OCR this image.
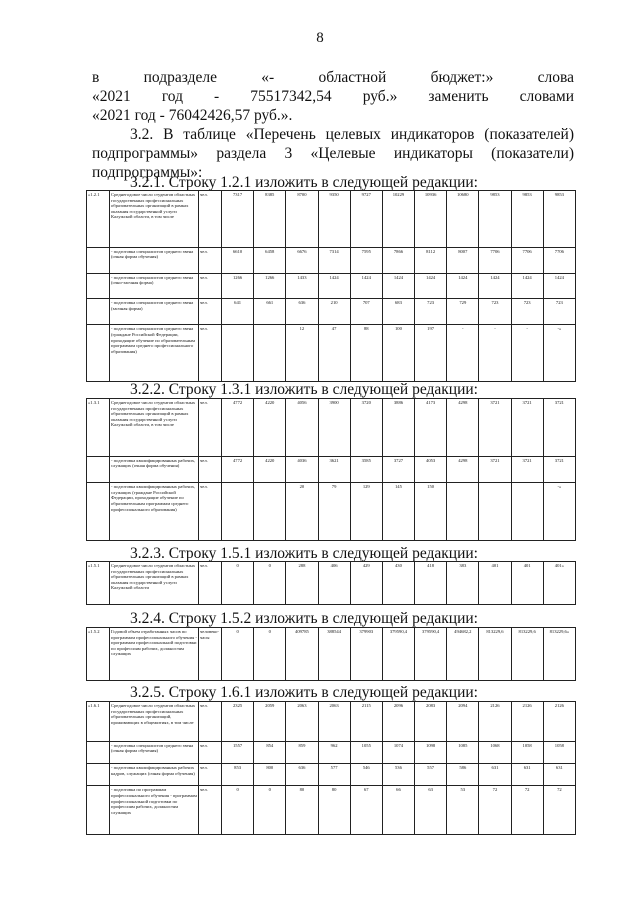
8
в	подразделе	«-	областной	бюджет:»	слова
«2021 год - 75517342,54 руб.» заменить словами
«2021 год - 76042426,57 руб.».
3.2. В таблице «Перечень целевых индикаторов (показателей)
подпрограммы» раздела 3 «Целевые индикаторы (показатели)
подпрограммы»:
3.2.1. Строку 1.2.1 изложить в следующей редакции:
«1.2.1	Среднегодовое число студентов областных государственных профессиональных образовательных организаций в рамках оказания государственной услуги Калужской области, в том числе	чел.	7317	8385	8700	9350	9727	10229	10936	10680	9853	9853	9853
	- подготовка специалистов среднего звена (очная форма обучения)	чел.	6610	6458	6676	7314	7595	7866	8112	8007	7706	7706	7706
	- подготовка специалистов среднего звена (очно-заочная форма)	чел.	1266	1266	1433	1424	1424	1424	1424	1424	1424	1424	1424
	- подготовка специалистов среднего звена (заочная форма)	чел.	641	661	636	210	707	683	723	729	723	723	723
	- подготовка специалистов среднего звена (граждане Российской Федерации, проходящие обучение по образовательным программам среднего профессионального образования)	чел.			12	47	88	100	197	-	-	-	-»
3.2.2. Строку 1.3.1 изложить в следующей редакции:
«1.3.1	Среднегодовое число студентов областных государственных профессиональных образовательных организаций в рамках оказания государственной услуги Калужской области, в том числе	чел.	4772	4220	4056	3900	3720	3886	4173	4298	3721	3721	3721
	- подготовка квалифицированных рабочих, служащих (очная форма обучения)	чел.	4772	4220	4036	3621	3585	3727	4053	4298	3721	3721	3721
	- подготовка квалифицированных рабочих, служащих (граждане Российской Федерации, проходящие обучение по образовательным программам среднего профессионального образования)	чел.			20	79	129	145	150				-»
3.2.3. Строку 1.5.1 изложить в следующей редакции:
«1.5.1	Среднегодовое число студентов областных государственных профессиональных образовательных организаций в рамках оказания государственной услуги Калужской области	чел.	0	0	288	406	429	430	418	383	401	401	401»
3.2.4. Строку 1.5.2 изложить в следующей редакции:
«1.5.2	Годовой объем отработанных часов по программам профессионального обучения - программам профессиональной подготовки по профессиям рабочих, должностям служащих	человеко-часы	0	0	409785	388544	379903	379590,4	379590,4	494682,2	813229,6	813229,6	813229,6»
3.2.5. Строку 1.6.1 изложить в следующей редакции:
«1.6.1	Среднегодовое число студентов областных государственных профессиональных образовательных организаций, проживающих в общежитиях, в том числе	чел.	2325	2059	2063	2063	2115	2096	2083	2094	2126	2126	2126
	- подготовка специалистов среднего звена (очная форма обучения)	чел.	1557	854	859	962	1055	1074	1098	1085	1068	1058	1058
	- подготовка квалифицированных рабочих кадров, служащих (очная форма обучения)	чел.	853	800	636	577	546	536	557	586	631	631	631
	- подготовка по программам профессионального обучения - программам профессиональной подготовки по профессиям рабочих, должностям служащих	чел.	0	0	80	80	67	66	63	53	72	72	72
